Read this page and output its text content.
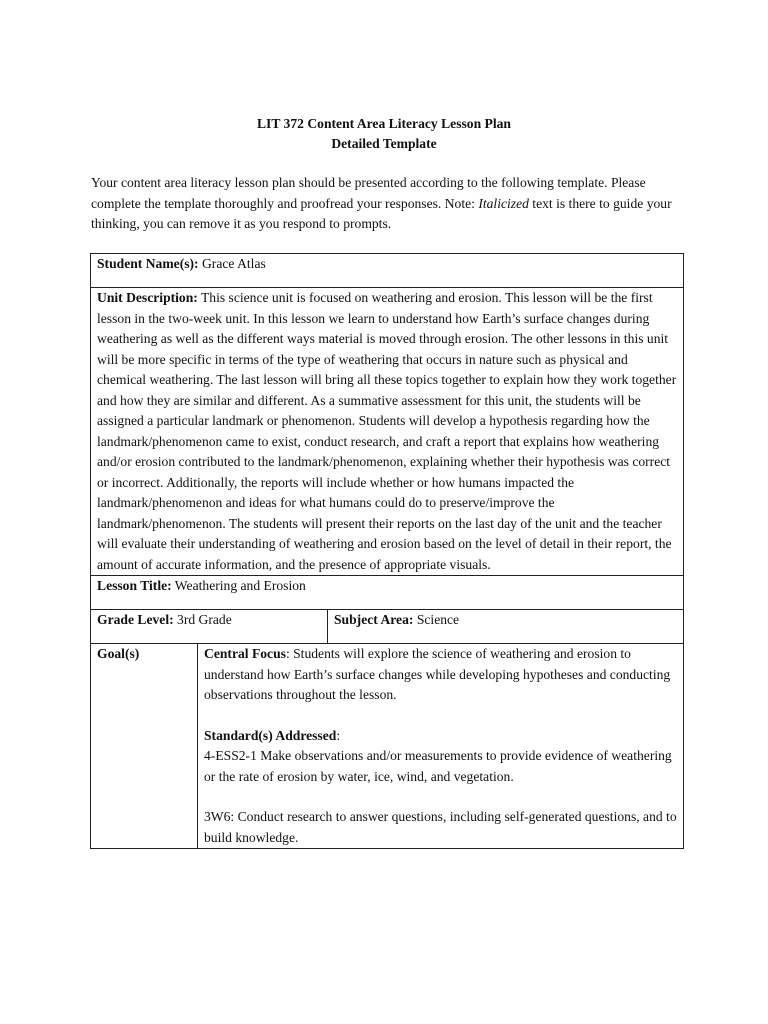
LIT 372 Content Area Literacy Lesson Plan
Detailed Template
Your content area literacy lesson plan should be presented according to the following template. Please complete the template thoroughly and proofread your responses. Note: Italicized text is there to guide your thinking, you can remove it as you respond to prompts.
Student Name(s): Grace Atlas		
Unit Description: This science unit is focused on weathering and erosion. This lesson will be the first lesson in the two-week unit. In this lesson we learn to understand how Earth’s surface changes during weathering as well as the different ways material is moved through erosion. The other lessons in this unit will be more specific in terms of the type of weathering that occurs in nature such as physical and chemical weathering. The last lesson will bring all these topics together to explain how they work together and how they are similar and different. As a summative assessment for this unit, the students will be assigned a particular landmark or phenomenon. Students will develop a hypothesis regarding how the landmark/phenomenon came to exist, conduct research, and craft a report that explains how weathering and/or erosion contributed to the landmark/phenomenon, explaining whether their hypothesis was correct or incorrect. Additionally, the reports will include whether or how humans impacted the landmark/phenomenon and ideas for what humans could do to preserve/improve the landmark/phenomenon. The students will present their reports on the last day of the unit and the teacher will evaluate their understanding of weathering and erosion based on the level of detail in their report, the amount of accurate information, and the presence of appropriate visuals.		
Lesson Title: Weathering and Erosion		
Grade Level: 3rd Grade		Subject Area: Science
Goal(s)	Central Focus: Students will explore the science of weathering and erosion to understand how Earth’s surface changes while developing hypotheses and conducting observations throughout the lesson.
Standard(s) Addressed:
4-ESS2-1 Make observations and/or measurements to provide evidence of weathering or the rate of erosion by water, ice, wind, and vegetation.
3W6: Conduct research to answer questions, including self-generated questions, and to build knowledge.	
